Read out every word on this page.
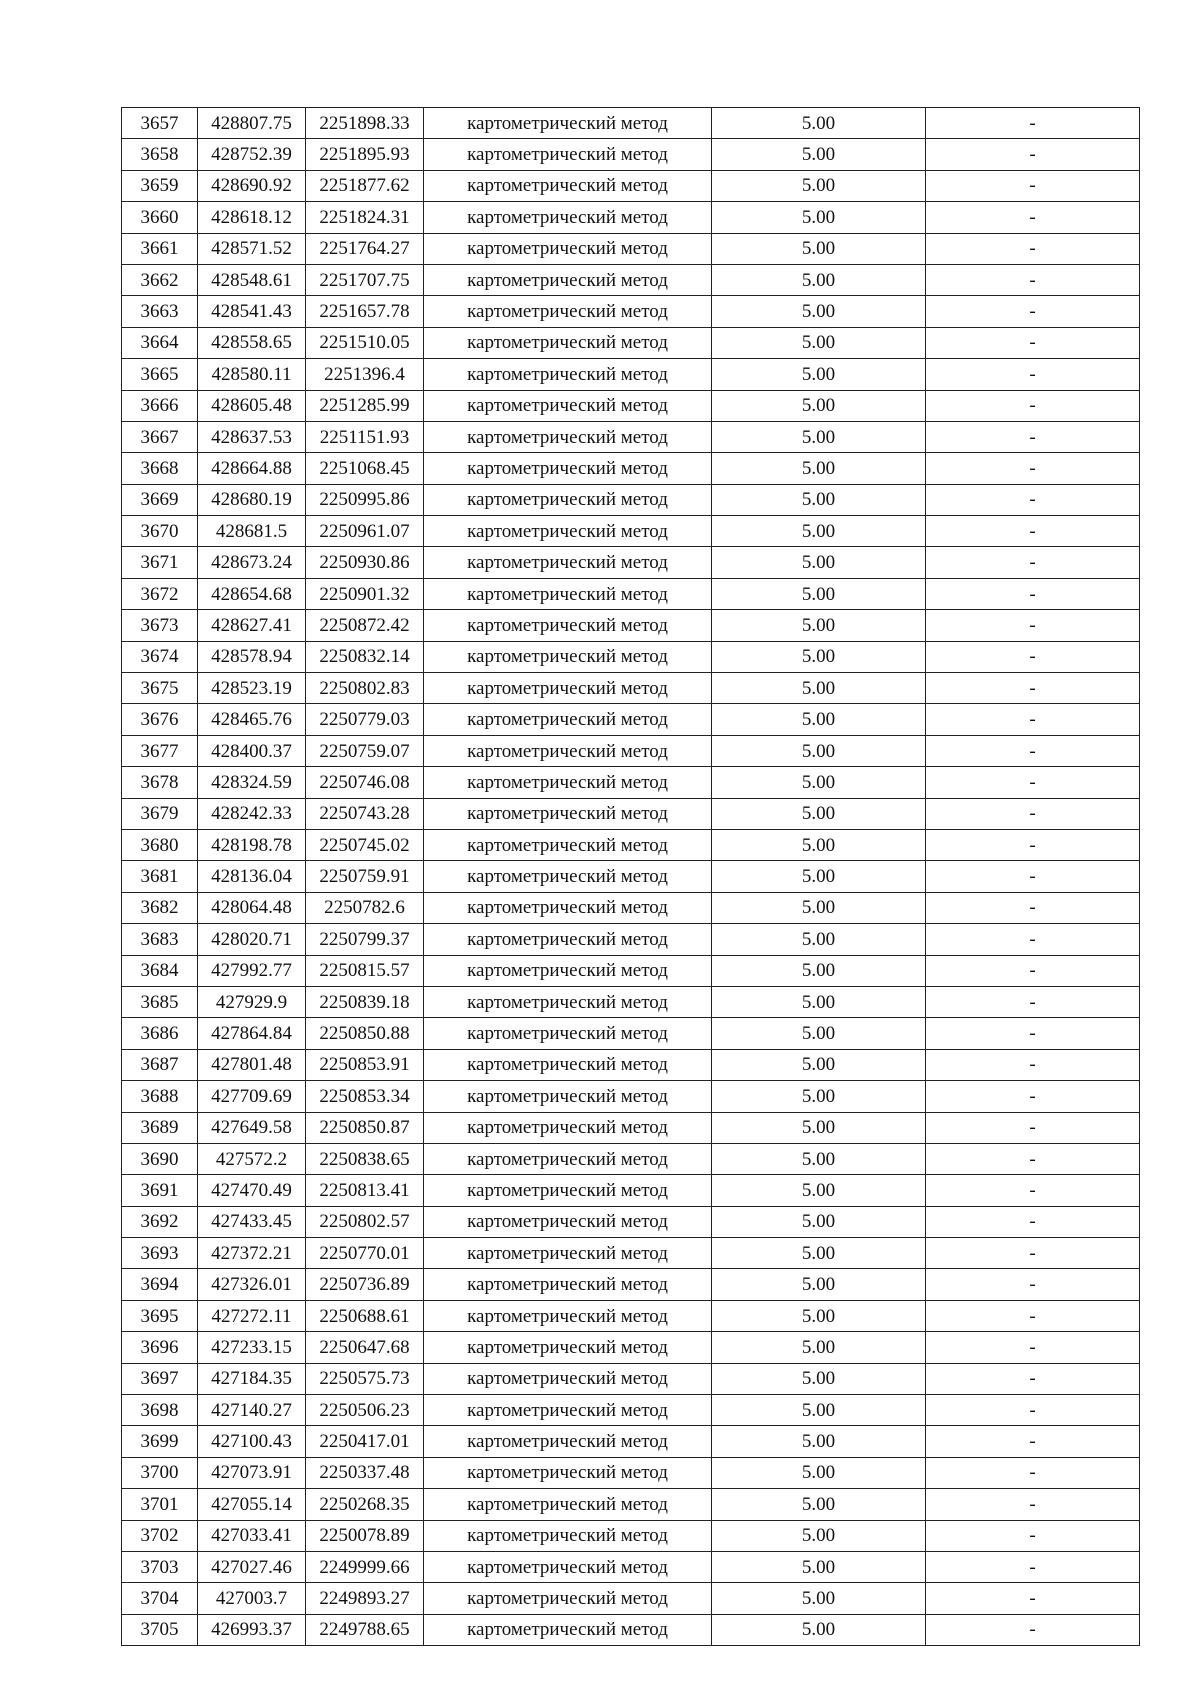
3657	428807.75	2251898.33	картометрический метод	5.00	-
3658	428752.39	2251895.93	картометрический метод	5.00	-
3659	428690.92	2251877.62	картометрический метод	5.00	-
3660	428618.12	2251824.31	картометрический метод	5.00	-
3661	428571.52	2251764.27	картометрический метод	5.00	-
3662	428548.61	2251707.75	картометрический метод	5.00	-
3663	428541.43	2251657.78	картометрический метод	5.00	-
3664	428558.65	2251510.05	картометрический метод	5.00	-
3665	428580.11	2251396.4	картометрический метод	5.00	-
3666	428605.48	2251285.99	картометрический метод	5.00	-
3667	428637.53	2251151.93	картометрический метод	5.00	-
3668	428664.88	2251068.45	картометрический метод	5.00	-
3669	428680.19	2250995.86	картометрический метод	5.00	-
3670	428681.5	2250961.07	картометрический метод	5.00	-
3671	428673.24	2250930.86	картометрический метод	5.00	-
3672	428654.68	2250901.32	картометрический метод	5.00	-
3673	428627.41	2250872.42	картометрический метод	5.00	-
3674	428578.94	2250832.14	картометрический метод	5.00	-
3675	428523.19	2250802.83	картометрический метод	5.00	-
3676	428465.76	2250779.03	картометрический метод	5.00	-
3677	428400.37	2250759.07	картометрический метод	5.00	-
3678	428324.59	2250746.08	картометрический метод	5.00	-
3679	428242.33	2250743.28	картометрический метод	5.00	-
3680	428198.78	2250745.02	картометрический метод	5.00	-
3681	428136.04	2250759.91	картометрический метод	5.00	-
3682	428064.48	2250782.6	картометрический метод	5.00	-
3683	428020.71	2250799.37	картометрический метод	5.00	-
3684	427992.77	2250815.57	картометрический метод	5.00	-
3685	427929.9	2250839.18	картометрический метод	5.00	-
3686	427864.84	2250850.88	картометрический метод	5.00	-
3687	427801.48	2250853.91	картометрический метод	5.00	-
3688	427709.69	2250853.34	картометрический метод	5.00	-
3689	427649.58	2250850.87	картометрический метод	5.00	-
3690	427572.2	2250838.65	картометрический метод	5.00	-
3691	427470.49	2250813.41	картометрический метод	5.00	-
3692	427433.45	2250802.57	картометрический метод	5.00	-
3693	427372.21	2250770.01	картометрический метод	5.00	-
3694	427326.01	2250736.89	картометрический метод	5.00	-
3695	427272.11	2250688.61	картометрический метод	5.00	-
3696	427233.15	2250647.68	картометрический метод	5.00	-
3697	427184.35	2250575.73	картометрический метод	5.00	-
3698	427140.27	2250506.23	картометрический метод	5.00	-
3699	427100.43	2250417.01	картометрический метод	5.00	-
3700	427073.91	2250337.48	картометрический метод	5.00	-
3701	427055.14	2250268.35	картометрический метод	5.00	-
3702	427033.41	2250078.89	картометрический метод	5.00	-
3703	427027.46	2249999.66	картометрический метод	5.00	-
3704	427003.7	2249893.27	картометрический метод	5.00	-
3705	426993.37	2249788.65	картометрический метод	5.00	-
